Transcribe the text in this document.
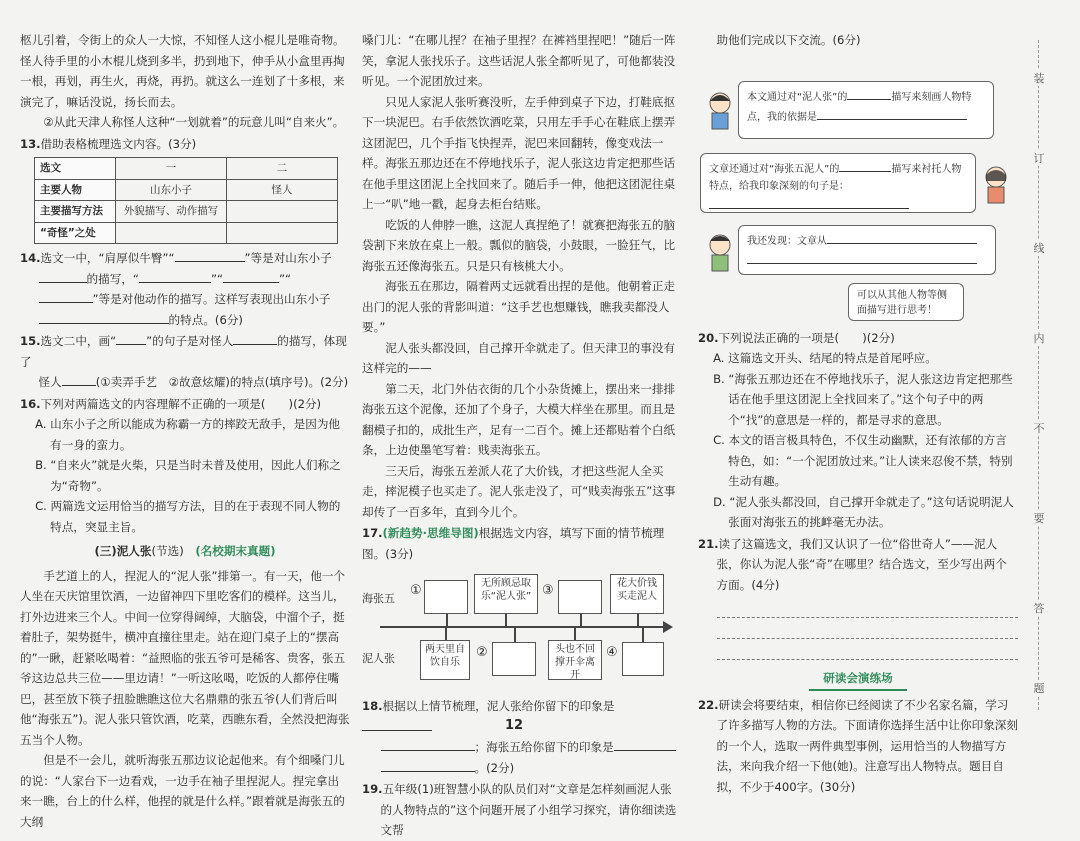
柩儿引着，令街上的众人一大惊，不知怪人这小棍儿是唯奇物。怪人待手里的小木棍儿烧到多半，扔到地下，伸手从小盒里再掏一根，再划，再生火，再烧，再扔。就这么一连划了十多根，来演完了，嘛话没说，扬长而去。

②从此天津人称怪人这种“一划就着”的玩意儿叫“自来火”。

13.借助表格梳理选文内容。(3分)

选文	一	二
主要人物	山东小子	怪人
主要描写方法	外貌描写、动作描写	
“奇怪”之处		

14.选文一中，“肩厚似牛臀”“	”等是对山东小子

的描写，“	”“	”“

”等是对他动作的描写。这样写表现出山东小子

的特点。(6分)

15.选文二中，画“	”的句子是对怪人	的描写，体现了

怪人	(①卖弄手艺　②故意炫耀)的特点(填序号)。(2分)

16.下列对两篇选文的内容理解不正确的一项是(　　)(2分)

A. 山东小子之所以能成为称霸一方的摔跤无敌手，是因为他有一身的蛮力。

B. “自来火”就是火柴，只是当时未普及使用，因此人们称之为“奇物”。

C. 两篇选文运用恰当的描写方法，目的在于表现不同人物的特点，突显主旨。

(三)泥人张(节选)　 (名校期末真题)

手艺道上的人，捏泥人的“泥人张”排第一。有一天，他一个人坐在天庆馆里饮酒，一边留神四下里吃客们的模样。这当儿，打外边进来三个人。中间一位穿得阔绰，大脑袋，中溜个子，挺着肚子，架势挺牛，横冲直撞往里走。站在迎门桌子上的“摆高的”一瞅，赶紧吆喝着：“益照临的张五爷可是稀客、贵客，张五爷这边总共三位——里边请！”一听这吆喝，吃饭的人都停住嘴巴，甚至放下筷子扭脸瞧瞧这位大名鼎鼎的张五爷(人们背后叫他“海张五”)。泥人张只管饮酒，吃菜，西瞧东看，全然没把海张五当个人物。

但是不一会儿，就听海张五那边议论起他来。有个细嗓门儿的说：“人家台下一边看戏，一边手在袖子里捏泥人。捏完拿出来一瞧，台上的什么样，他捏的就是什么样。”跟着就是海张五的大纲

嗓门儿：“在哪儿捏？在袖子里捏？在裤裆里捏吧！”随后一阵笑，拿泥人张找乐子。这些话泥人张全都听见了，可他都装没听见。一个泥团放过来。

只见人家泥人张听赛没听，左手伸到桌子下边，打鞋底抠下一块泥巴。右手依然饮酒吃菜，只用左手手心在鞋底上摆弄这团泥巴，几个手指飞快捏弄，泥巴来回翻转，像变戏法一样。海张五那边还在不停地找乐子，泥人张这边肯定把那些话在他手里这团泥上全找回来了。随后手一伸，他把这团泥往桌上一“叭”地一戳，起身去柜台结账。

吃饭的人伸脖一瞧，这泥人真捏绝了！就赛把海张五的脑袋割下来放在桌上一般。瓢似的脑袋，小鼓眼，一脸狂气，比海张五还像海张五。只是只有核桃大小。

海张五在那边，隔着两丈远就看出捏的是他。他朝着正走出门的泥人张的背影叫道：“这手艺也想赚钱，瞧我卖都没人要。”

泥人张头都没回，自己撑开伞就走了。但天津卫的事没有这样完的——

第二天，北门外估衣街的几个小杂货摊上，摆出来一排排海张五这个泥像，还加了个身子，大模大样坐在那里。而且是翻模子扣的，成批生产，足有一二百个。摊上还都贴着个白纸条，上边使墨笔写着：贱卖海张五。

三天后，海张五差派人花了大价钱，才把这些泥人全买走，摔泥模子也买走了。泥人张走没了，可“贱卖海张五”这事却传了一百多年，直到今儿个。

17.(新趋势·思维导图)根据选文内容，填写下面的情节梳理图。(3分)

海张五
泥人张
①	无所顾忌取乐“泥人张” ③	花大价钱买走泥人
两天里自饮自乐
②	头也不回撑开伞离开
④

18.根据以上情节梳理，泥人张给你留下的印象是

；海张五给你留下的印象是

。(2分)

19.五年级(1)班智慧小队的队员们对“文章是怎样刻画泥人张的人物特点的”这个问题开展了小组学习探究，请你细读选文帮

助他们完成以下交流。(6分)

本文通过对“泥人张”的	描写来刻画人物特点，我的依据是
文章还通过对“海张五泥人”的	描写来衬托人物特点，给我印象深刻的句子是：
我还发现：文章从

可以从其他人物等侧面描写进行思考！

20.下列说法正确的一项是(　　)(2分)

A. 这篇选文开头、结尾的特点是首尾呼应。

B. “海张五那边还在不停地找乐子，泥人张这边肯定把那些话在他手里这团泥上全找回来了。”这个句子中的两个“找”的意思是一样的，都是寻求的意思。

C. 本文的语言极具特色，不仅生动幽默，还有浓郁的方言特色，如：“一个泥团放过来。”让人读来忍俊不禁，特别生动有趣。

D. “泥人张头都没回，自己撑开伞就走了。”这句话说明泥人张面对海张五的挑衅毫无办法。

21.读了这篇选文，我们又认识了一位“俗世奇人”——泥人张，你认为泥人张“奇”在哪里？结合选文，至少写出两个方面。(4分)

研读会演练场

22.研读会将要结束，相信你已经阅读了不少名家名篇，学习了许多描写人物的方法。下面请你选择生活中让你印象深刻的一个人，选取一两件典型事例，运用恰当的人物描写方法，来向我介绍一下他(她)。注意写出人物特点。题目自拟，不少于400字。(30分)

12
装
订
线
内
不
要
答
题
